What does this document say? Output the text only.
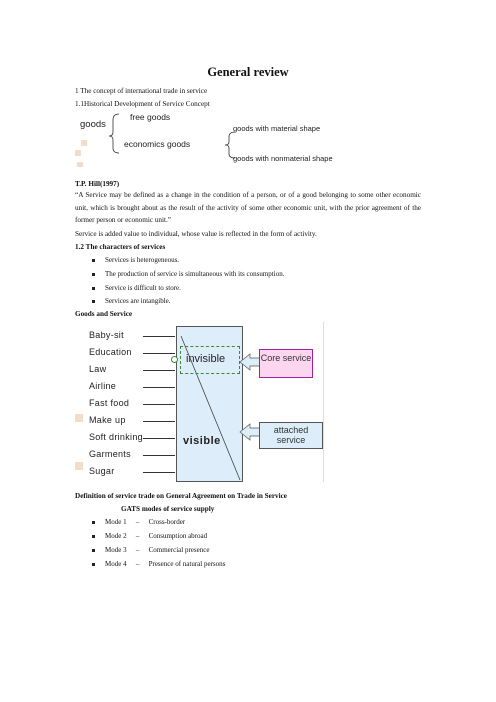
General review
1 The concept of international trade in service
1.1Historical Development of Service Concept
goods
free goods
economics goods
goods with material shape
goods with nonmaterial shape
T.P. Hill(1997)
“A Service may be defined as a change in the condition of a person, or of a good belonging to some other economic unit, which is brought about as the result of the activity of some other economic unit, with the prior agreement of the former person or economic unit.”
Service is added value to individual, whose value is reflected in the form of activity.
1.2 The characters of services
Services is heterogeneous.
The production of service is simultaneous with its consumption.
Service is difficult to store.
Services are intangible.
Goods and Service
Baby-sit
Education
Law
Airline
Fast food
Make up
Soft drinking
Garments
Sugar
invisible
visible
Core service
attached service
Definition of service trade on General Agreement on Trade in Service
GATS modes of service supply
Mode 1 – Cross-border
Mode 2 – Consumption abroad
Mode 3 – Commercial presence
Mode 4 – Presence of natural persons
